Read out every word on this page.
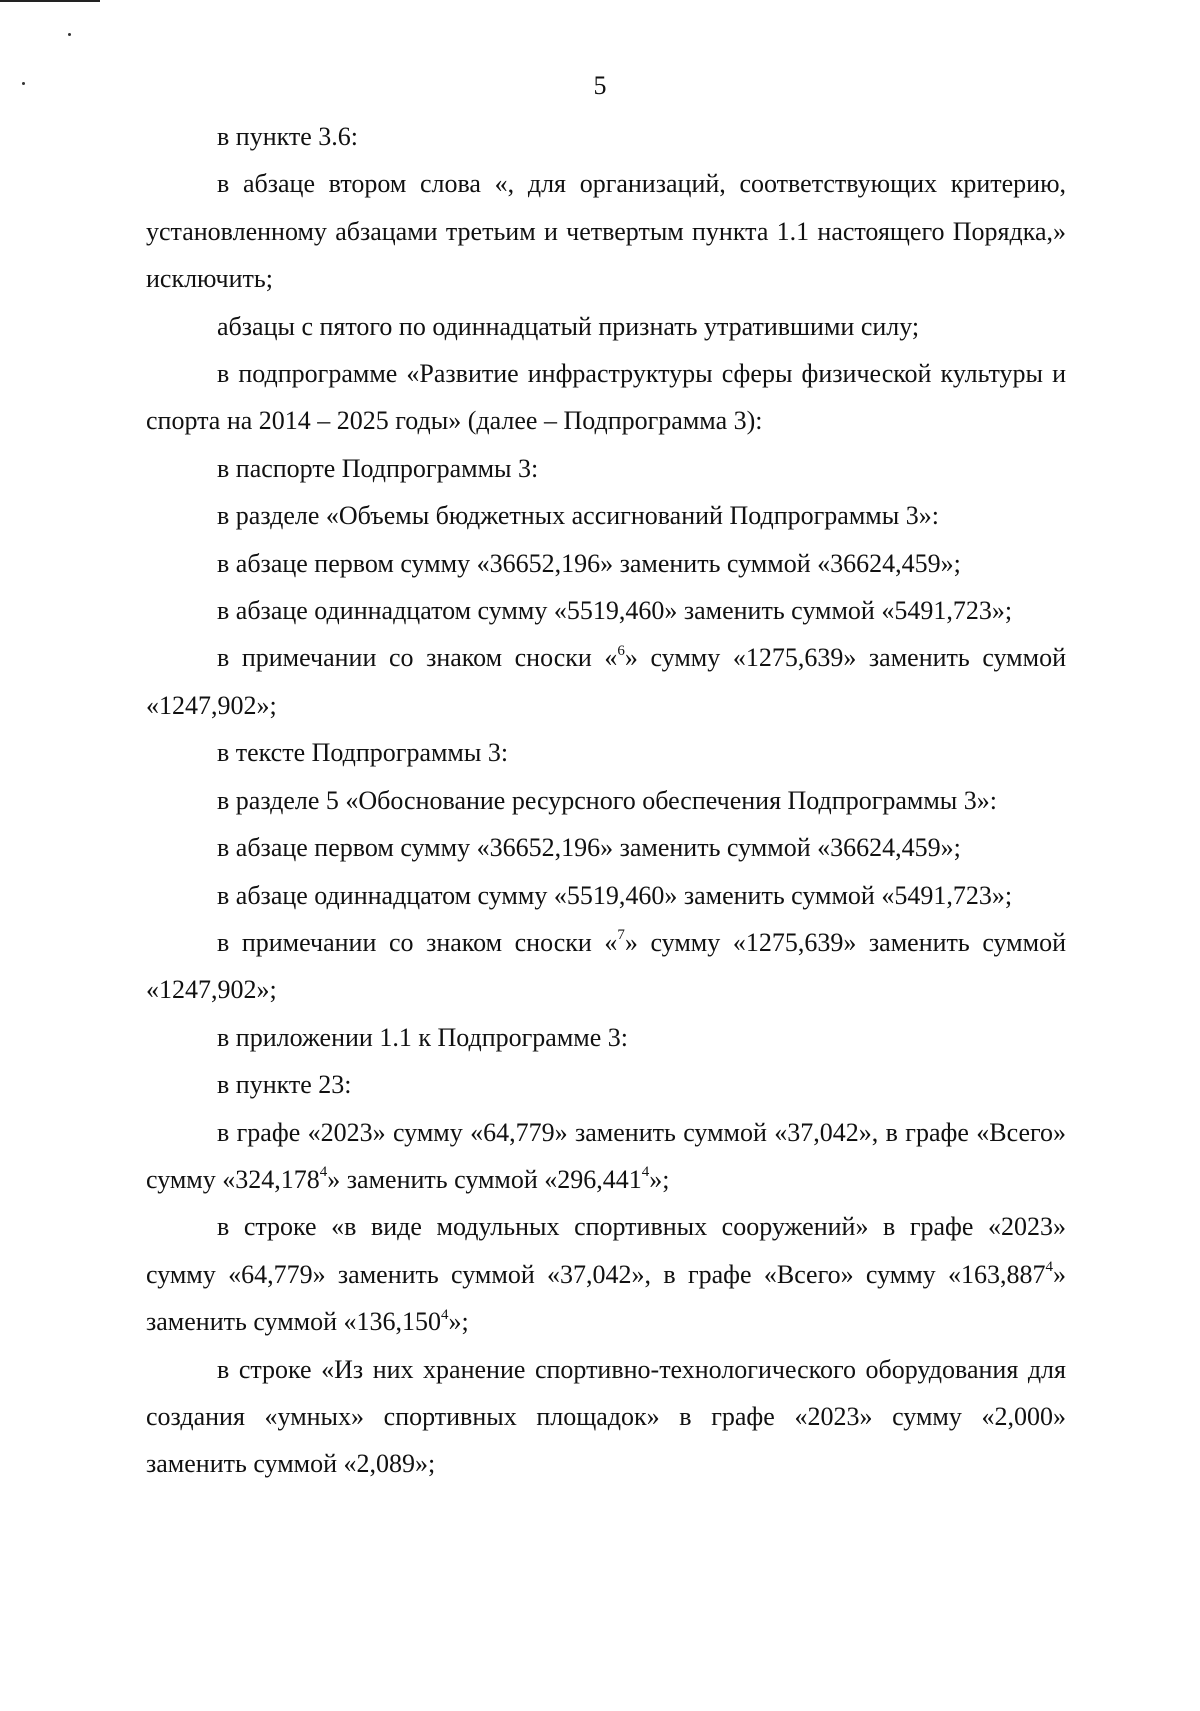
5

в пункте 3.6:

в абзаце втором слова «, для организаций, соответствующих критерию, установленному абзацами третьим и четвертым пункта 1.1 настоящего Порядка,» исключить;

абзацы с пятого по одиннадцатый признать утратившими силу;

в подпрограмме «Развитие инфраструктуры сферы физической культуры и спорта на 2014 – 2025 годы» (далее – Подпрограмма 3):

в паспорте Подпрограммы 3:

в разделе «Объемы бюджетных ассигнований Подпрограммы 3»:

в абзаце первом сумму «36652,196» заменить суммой «36624,459»;

в абзаце одиннадцатом сумму «5519,460» заменить суммой «5491,723»;

в примечании со знаком сноски «$^6$» сумму «1275,639» заменить суммой «1247,902»;

в тексте Подпрограммы 3:

в разделе 5 «Обоснование ресурсного обеспечения Подпрограммы 3»:

в абзаце первом сумму «36652,196» заменить суммой «36624,459»;

в абзаце одиннадцатом сумму «5519,460» заменить суммой «5491,723»;

в примечании со знаком сноски «$^7$» сумму «1275,639» заменить суммой «1247,902»;

в приложении 1.1 к Подпрограмме 3:

в пункте 23:

в графе «2023» сумму «64,779» заменить суммой «37,042», в графе «Всего» сумму «324,178$^4$» заменить суммой «296,441$^4$»;

в строке «в виде модульных спортивных сооружений» в графе «2023» сумму «64,779» заменить суммой «37,042», в графе «Всего» сумму «163,887$^4$» заменить суммой «136,150$^4$»;

в строке «Из них хранение спортивно-технологического оборудования для создания «умных» спортивных площадок» в графе «2023» сумму «2,000» заменить суммой «2,089»;
